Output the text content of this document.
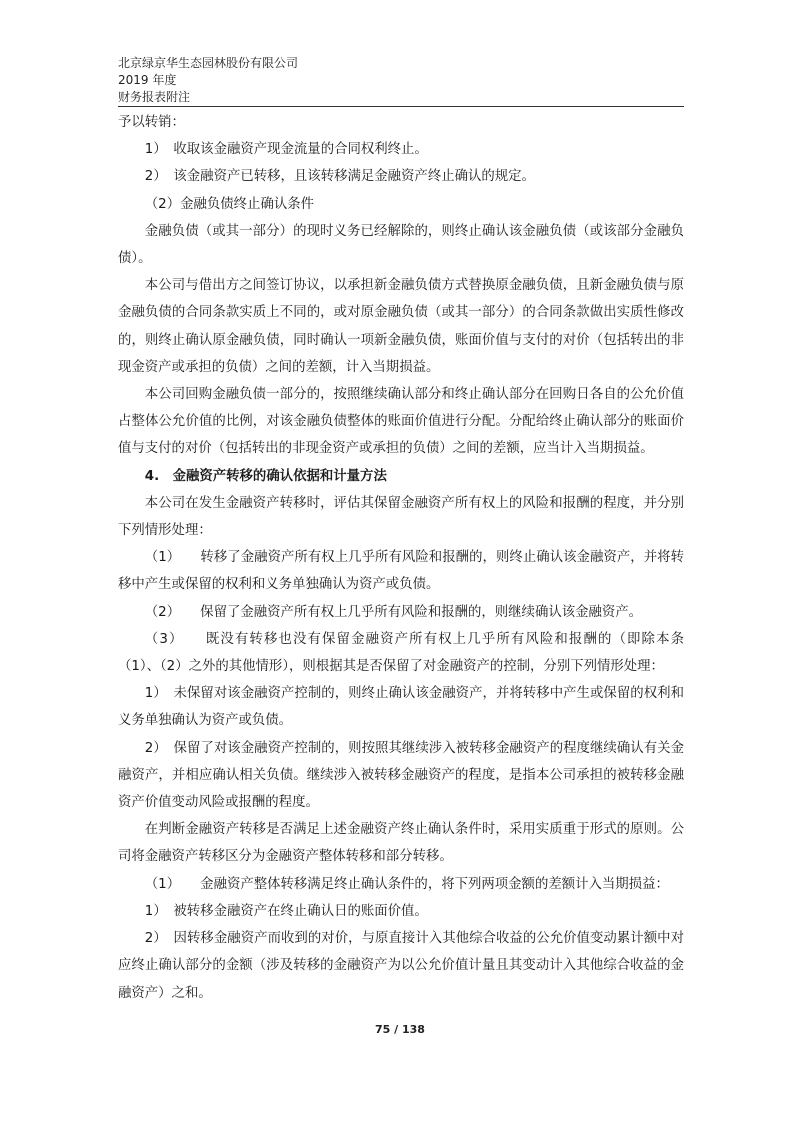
北京绿京华生态园林股份有限公司
2019 年度
财务报表附注

予以转销：

1）　收取该金融资产现金流量的合同权利终止。

2）　该金融资产已转移，且该转移满足金融资产终止确认的规定。

（2）金融负债终止确认条件

金融负债（或其一部分）的现时义务已经解除的，则终止确认该金融负债（或该部分金融负债）。

本公司与借出方之间签订协议，以承担新金融负债方式替换原金融负债，且新金融负债与原金融负债的合同条款实质上不同的，或对原金融负债（或其一部分）的合同条款做出实质性修改的，则终止确认原金融负债，同时确认一项新金融负债，账面价值与支付的对价（包括转出的非现金资产或承担的负债）之间的差额，计入当期损益。

本公司回购金融负债一部分的，按照继续确认部分和终止确认部分在回购日各自的公允价值占整体公允价值的比例，对该金融负债整体的账面价值进行分配。分配给终止确认部分的账面价值与支付的对价（包括转出的非现金资产或承担的负债）之间的差额，应当计入当期损益。

4.　金融资产转移的确认依据和计量方法

本公司在发生金融资产转移时，评估其保留金融资产所有权上的风险和报酬的程度，并分别下列情形处理：

（1）　　转移了金融资产所有权上几乎所有风险和报酬的，则终止确认该金融资产，并将转移中产生或保留的权利和义务单独确认为资产或负债。

（2）　　保留了金融资产所有权上几乎所有风险和报酬的，则继续确认该金融资产。

（3）　　既没有转移也没有保留金融资产所有权上几乎所有风险和报酬的（即除本条（1）、（2）之外的其他情形），则根据其是否保留了对金融资产的控制，分别下列情形处理：

1）　未保留对该金融资产控制的，则终止确认该金融资产，并将转移中产生或保留的权利和义务单独确认为资产或负债。

2）　保留了对该金融资产控制的，则按照其继续涉入被转移金融资产的程度继续确认有关金融资产，并相应确认相关负债。继续涉入被转移金融资产的程度，是指本公司承担的被转移金融资产价值变动风险或报酬的程度。

在判断金融资产转移是否满足上述金融资产终止确认条件时，采用实质重于形式的原则。公司将金融资产转移区分为金融资产整体转移和部分转移。

（1）　　金融资产整体转移满足终止确认条件的，将下列两项金额的差额计入当期损益：

1）　被转移金融资产在终止确认日的账面价值。

2）　因转移金融资产而收到的对价，与原直接计入其他综合收益的公允价值变动累计额中对应终止确认部分的金额（涉及转移的金融资产为以公允价值计量且其变动计入其他综合收益的金融资产）之和。

75 / 138
